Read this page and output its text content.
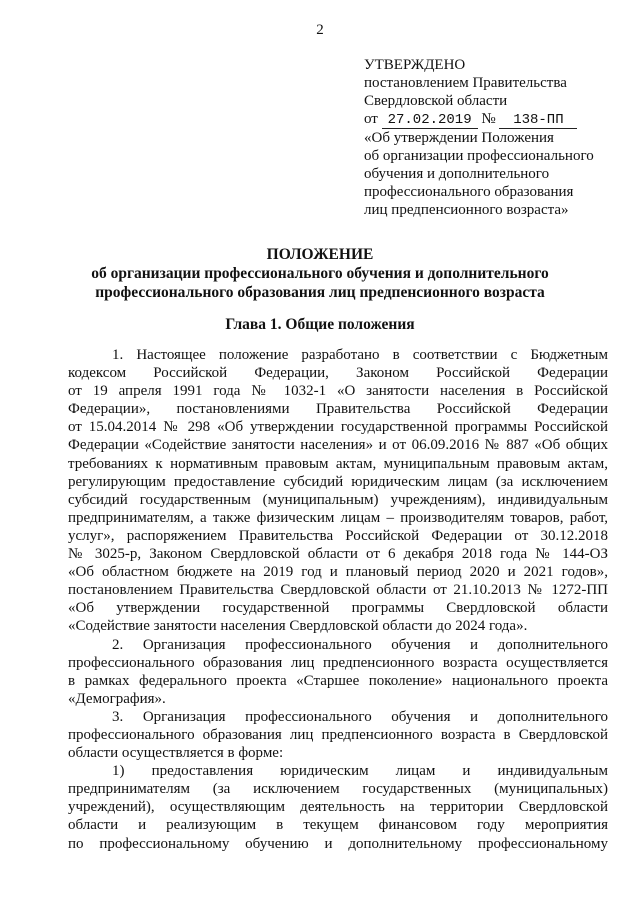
2
УТВЕРЖДЕНО
постановлением Правительства
Свердловской области
от 27.02.2019 № 138-ПП
«Об утверждении Положения
об организации профессионального
обучения и дополнительного
профессионального образования
лиц предпенсионного возраста»
ПОЛОЖЕНИЕ
об организации профессионального обучения и дополнительного
профессионального образования лиц предпенсионного возраста
Глава 1. Общие положения

1. Настоящее положение разработано в соответствии с Бюджетным

кодексом Российской Федерации, Законом Российской Федерации

от 19 апреля 1991 года № 1032-1 «О занятости населения в Российской

Федерации», постановлениями Правительства Российской Федерации

от 15.04.2014 № 298 «Об утверждении государственной программы Российской

Федерации «Содействие занятости населения» и от 06.09.2016 № 887 «Об общих

требованиях к нормативным правовым актам, муниципальным правовым актам,

регулирующим предоставление субсидий юридическим лицам (за исключением

субсидий государственным (муниципальным) учреждениям), индивидуальным

предпринимателям, а также физическим лицам – производителям товаров, работ,

услуг», распоряжением Правительства Российской Федерации от 30.12.2018

№ 3025-р, Законом Свердловской области от 6 декабря 2018 года № 144-ОЗ

«Об областном бюджете на 2019 год и плановый период 2020 и 2021 годов»,

постановлением Правительства Свердловской области от 21.10.2013 № 1272-ПП

«Об утверждении государственной программы Свердловской области

«Содействие занятости населения Свердловской области до 2024 года».

2. Организация профессионального обучения и дополнительного

профессионального образования лиц предпенсионного возраста осуществляется

в рамках федерального проекта «Старшее поколение» национального проекта

«Демография».

3. Организация профессионального обучения и дополнительного

профессионального образования лиц предпенсионного возраста в Свердловской

области осуществляется в форме:

1) предоставления юридическим лицам и индивидуальным

предпринимателям (за исключением государственных (муниципальных)

учреждений), осуществляющим деятельность на территории Свердловской

области и реализующим в текущем финансовом году мероприятия

по профессиональному обучению и дополнительному профессиональному
